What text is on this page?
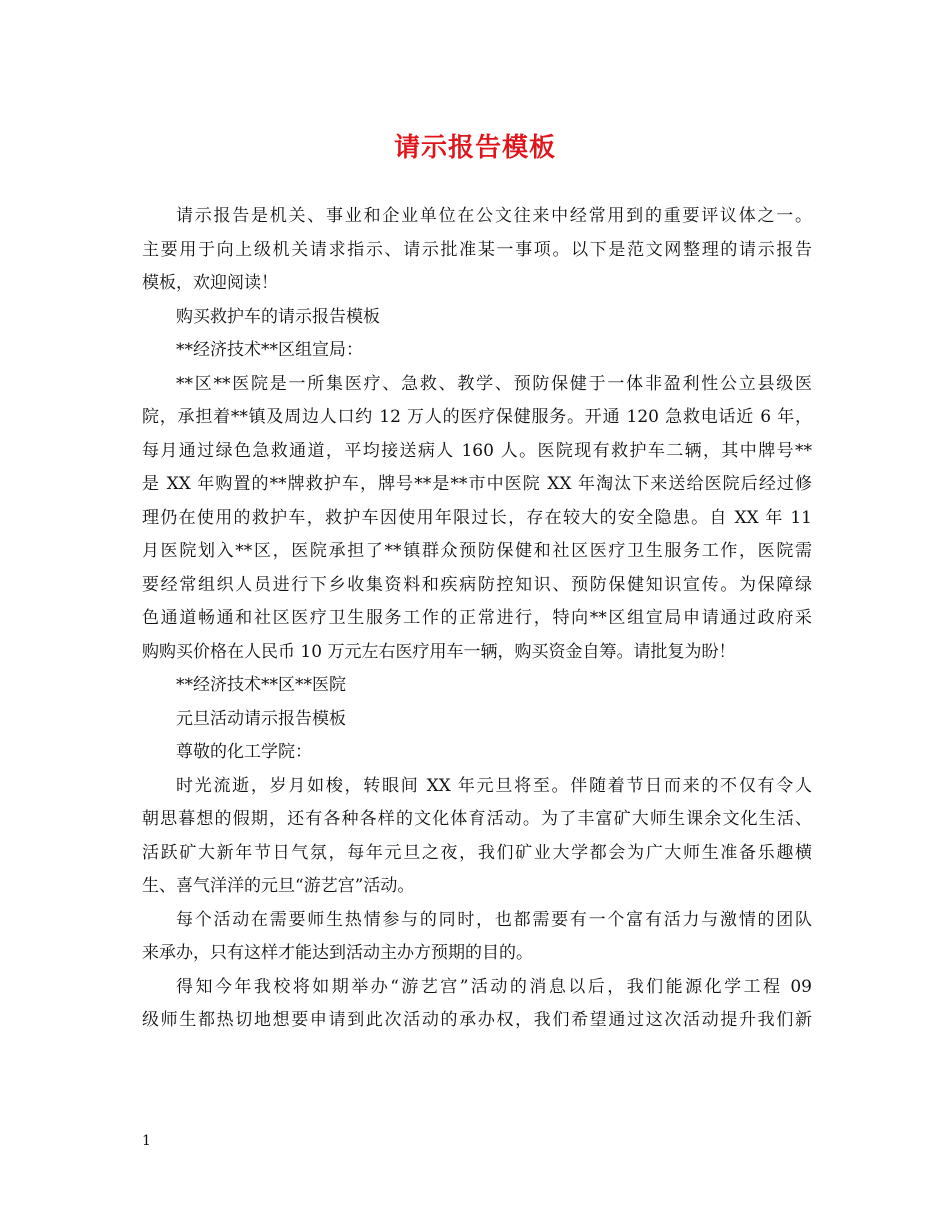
请示报告模板
请示报告是机关、事业和企业单位在公文往来中经常用到的重要评议体之一。
主要用于向上级机关请求指示、请示批准某一事项。以下是范文网整理的请示报告
模板，欢迎阅读！
购买救护车的请示报告模板
**经济技术**区组宣局：
**区**医院是一所集医疗、急救、教学、预防保健于一体非盈利性公立县级医
院，承担着**镇及周边人口约 12 万人的医疗保健服务。开通 120 急救电话近 6 年，
每月通过绿色急救通道，平均接送病人 160 人。医院现有救护车二辆，其中牌号**
是 XX 年购置的**牌救护车，牌号**是**市中医院 XX 年淘汰下来送给医院后经过修
理仍在使用的救护车，救护车因使用年限过长，存在较大的安全隐患。自 XX 年 11
月医院划入**区，医院承担了**镇群众预防保健和社区医疗卫生服务工作，医院需
要经常组织人员进行下乡收集资料和疾病防控知识、预防保健知识宣传。为保障绿
色通道畅通和社区医疗卫生服务工作的正常进行，特向**区组宣局申请通过政府采
购购买价格在人民币 10 万元左右医疗用车一辆，购买资金自筹。请批复为盼！
**经济技术**区**医院
元旦活动请示报告模板
尊敬的化工学院：
时光流逝，岁月如梭，转眼间 XX 年元旦将至。伴随着节日而来的不仅有令人
朝思暮想的假期，还有各种各样的文化体育活动。为了丰富矿大师生课余文化生活、
活跃矿大新年节日气氛，每年元旦之夜，我们矿业大学都会为广大师生准备乐趣横
生、喜气洋洋的元旦“游艺宫”活动。
每个活动在需要师生热情参与的同时，也都需要有一个富有活力与激情的团队
来承办，只有这样才能达到活动主办方预期的目的。
得知今年我校将如期举办“游艺宫”活动的消息以后，我们能源化学工程 09
级师生都热切地想要申请到此次活动的承办权，我们希望通过这次活动提升我们新
1
